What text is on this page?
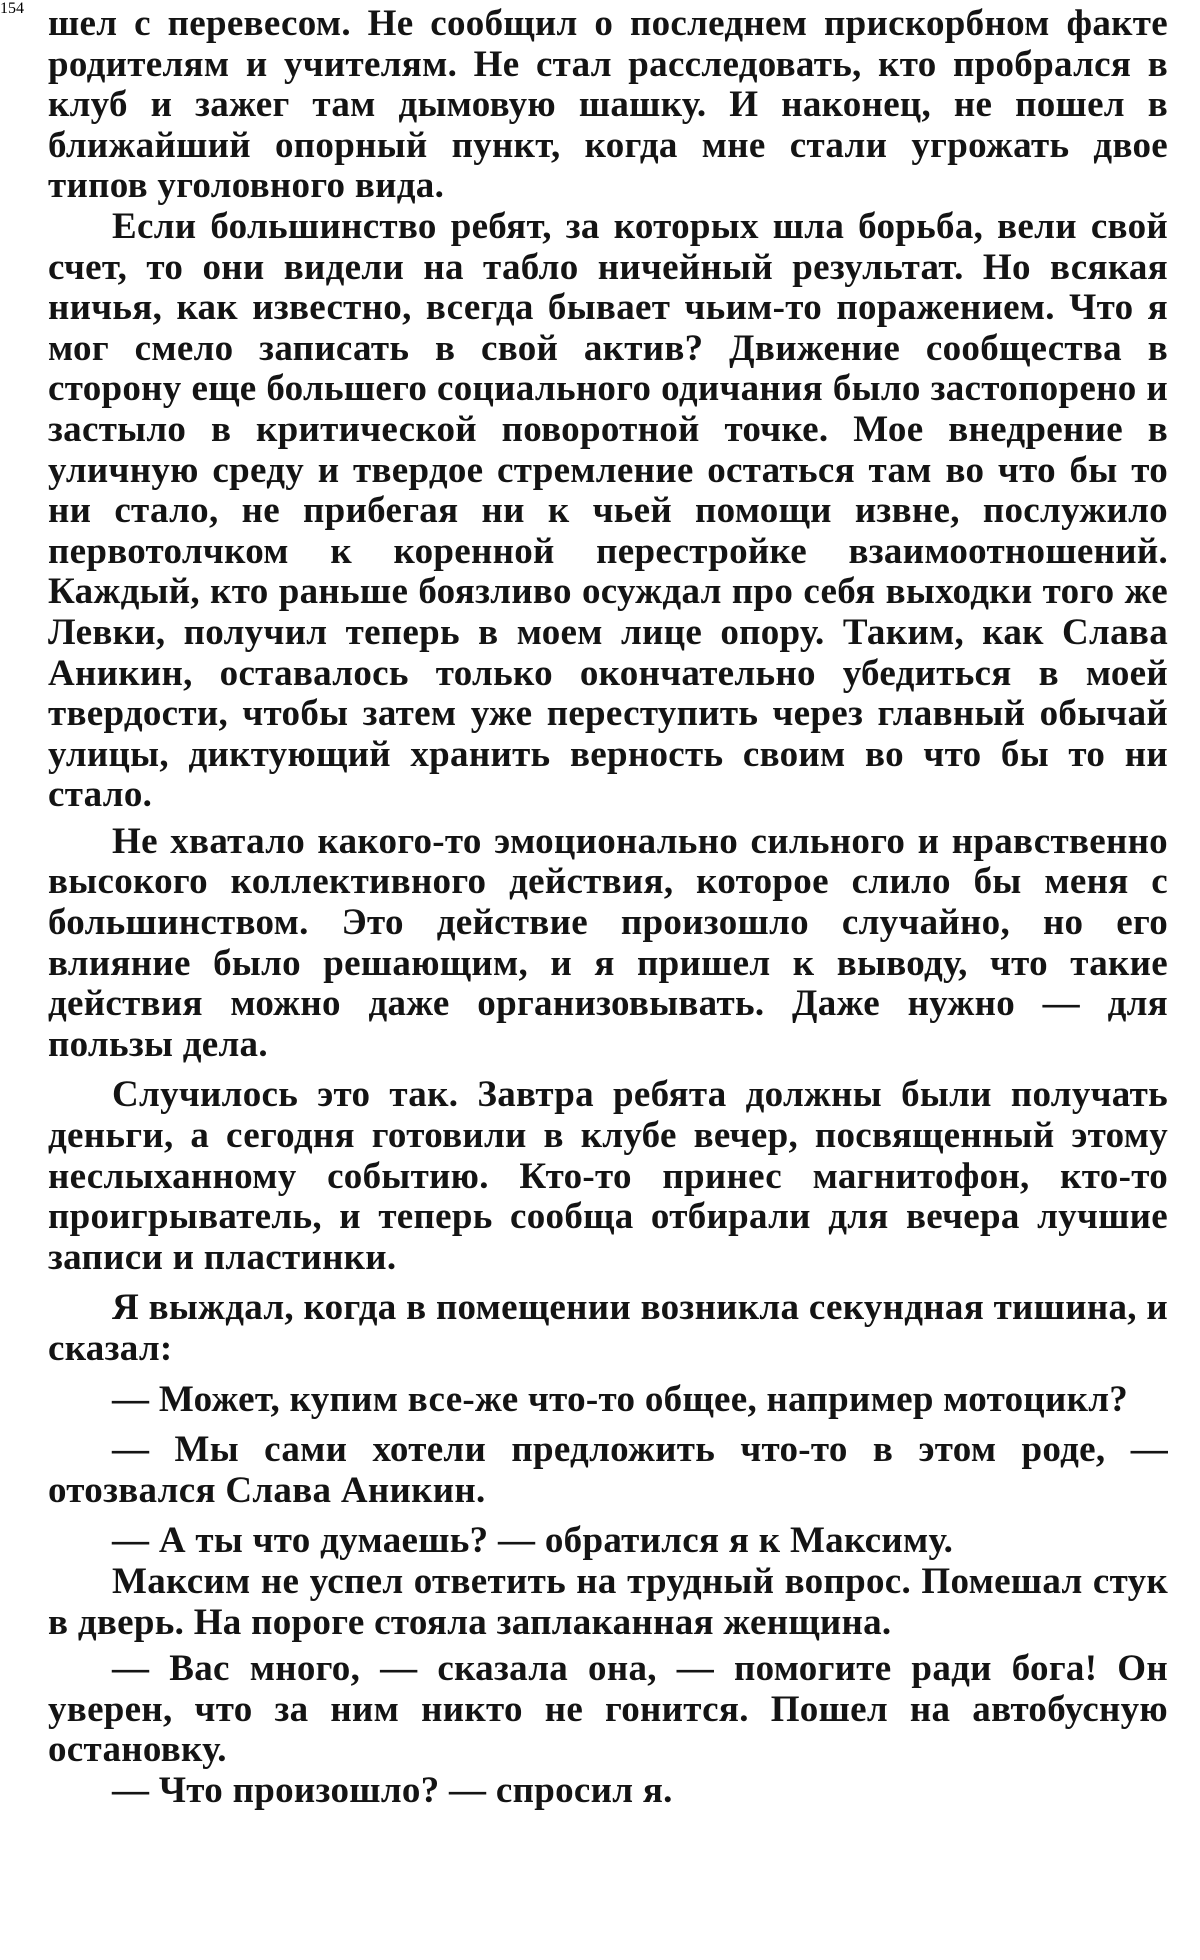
шел с перевесом. Не сообщил о последнем прискорбном факте родителям и учителям. Не стал расследовать, кто пробрался в клуб и зажег там дымовую шашку. И наконец, не пошел в ближайший опорный пункт, когда мне стали угрожать двое типов уголовного вида.

Если большинство ребят, за которых шла борьба, вели свой счет, то они видели на табло ничейный результат. Но всякая ничья, как известно, всегда бывает чьим-то поражением. Что я мог смело записать в свой актив? Движение сообщества в сторону еще большего социального одичания было застопорено и застыло в критической поворотной точке. Мое внедрение в уличную среду и твердое стремление остаться там во что бы то ни стало, не прибегая ни к чьей помощи извне, послужило первотолчком к коренной перестройке взаимоотношений. Каждый, кто раньше боязливо осуждал про себя выходки того же Левки, получил теперь в моем лице опору. Таким, как Слава Аникин, оставалось только окончательно убедиться в моей твердости, чтобы затем уже переступить через главный обычай улицы, диктующий хранить верность своим во что бы то ни стало.

Не хватало какого-то эмоционально сильного и нравственно высокого коллективного действия, которое слило бы меня с большинством. Это действие произошло случайно, но его влияние было решающим, и я пришел к выводу, что такие действия можно даже организовывать. Даже нужно — для пользы дела.

Случилось это так. Завтра ребята должны были получать деньги, а сегодня готовили в клубе вечер, посвященный этому неслыханному событию. Кто-то принес магнитофон, кто-то проигрыватель, и теперь сообща отбирали для вечера лучшие записи и пластинки.

Я выждал, когда в помещении возникла секундная тишина, и сказал:

— Может, купим все-же что-то общее, например мотоцикл?

— Мы сами хотели предложить что-то в этом роде, — отозвался Слава Аникин.

— А ты что думаешь? — обратился я к Максиму.

Максим не успел ответить на трудный вопрос. Помешал стук в дверь. На пороге стояла заплаканная женщина.

— Вас много, — сказала она, — помогите ради бога! Он уверен, что за ним никто не гонится. Пошел на автобусную остановку.

— Что произошло? — спросил я.

154
